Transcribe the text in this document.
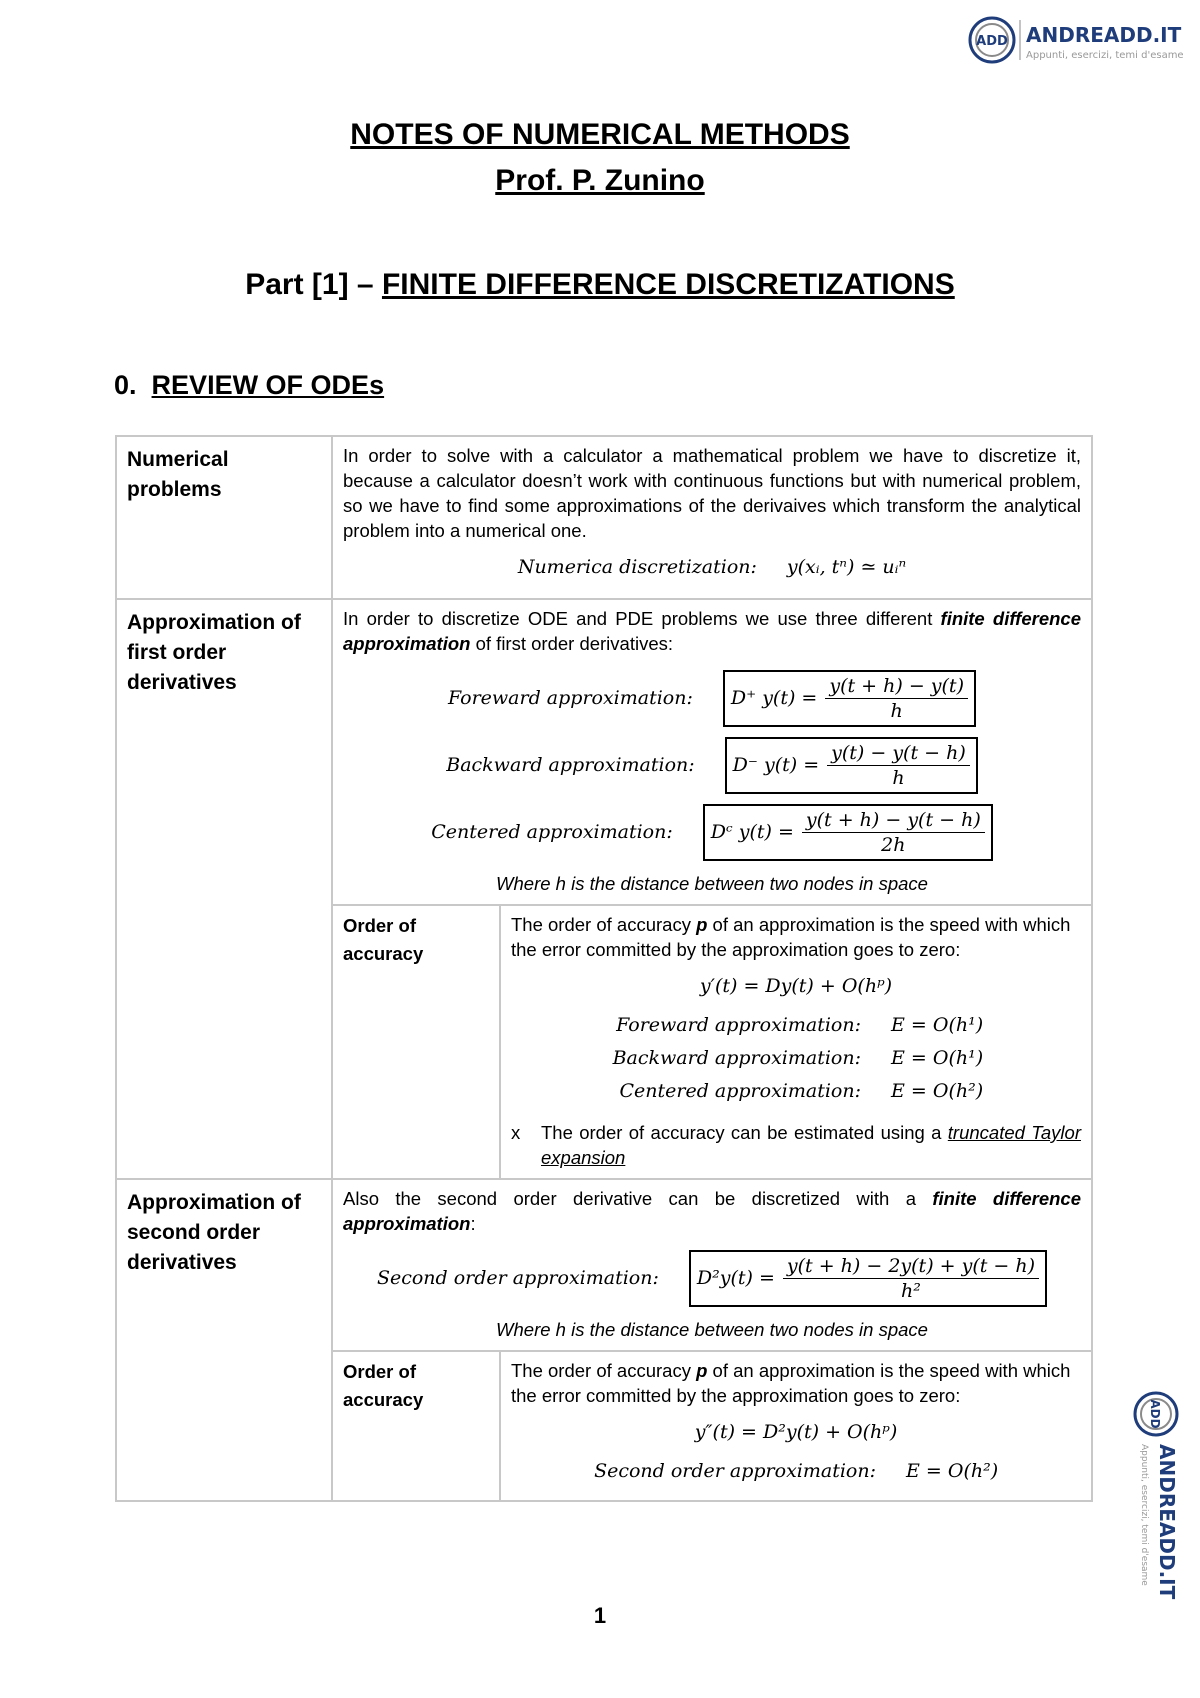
ADD ANDREADD.IT
Appunti, esercizi, temi d'esame
ADD
ANDREADD.IT
Appunti, esercizi, temi d'esame
NOTES OF NUMERICAL METHODS
Prof. P. Zunino
Part [1] – FINITE DIFFERENCE DISCRETIZATIONS
0. REVIEW OF ODEs
Numerical problems	

In order to solve with a calculator a mathematical problem we have to discretize it, because a calculator doesn’t work with continuous functions but with numerical problem, so we have to find some approximations of the derivaives which transform the analytical problem into a numerical one.

Numerica discretization: y(xᵢ, tⁿ) ≃ uᵢⁿ

Approximation of first order derivatives	

In order to discretize ODE and PDE problems we use three different finite difference approximation of first order derivatives:

Foreward approximation: D⁺ $y(t) = \frac{y(t + h) - y(t)}{h}$
Backward approximation: D⁻ $y(t) = \frac{y(t) - y(t - h)}{h}$
Centered approximation: Dᶜ $y(t) = \frac{y(t + h) - y(t - h)}{2h}$
Where h is the distance between two nodes in space
Order of accuracy	

The order of accuracy p of an approximation is the speed with which the error committed by the approximation goes to zero:

y′(t) = Dy(t) + O(hᵖ)
Foreward approximation:	E = O(h¹)
Backward approximation:	E = O(h¹)
Centered approximation:	E = O(h²)
x	The order of accuracy can be estimated using a truncated Taylor expansion

Approximation of second order derivatives	

Also the second order derivative can be discretized with a finite difference approximation:

Second order approximation: $D^2y(t) = \frac{y(t + h) - 2y(t) + y(t - h)}{\text{h²}}$
Where h is the distance between two nodes in space
Order of accuracy	

The order of accuracy p of an approximation is the speed with which the error committed by the approximation goes to zero:

y″(t) = D²y(t) + O(hᵖ)
Second order approximation:	E = O(h²)
1
